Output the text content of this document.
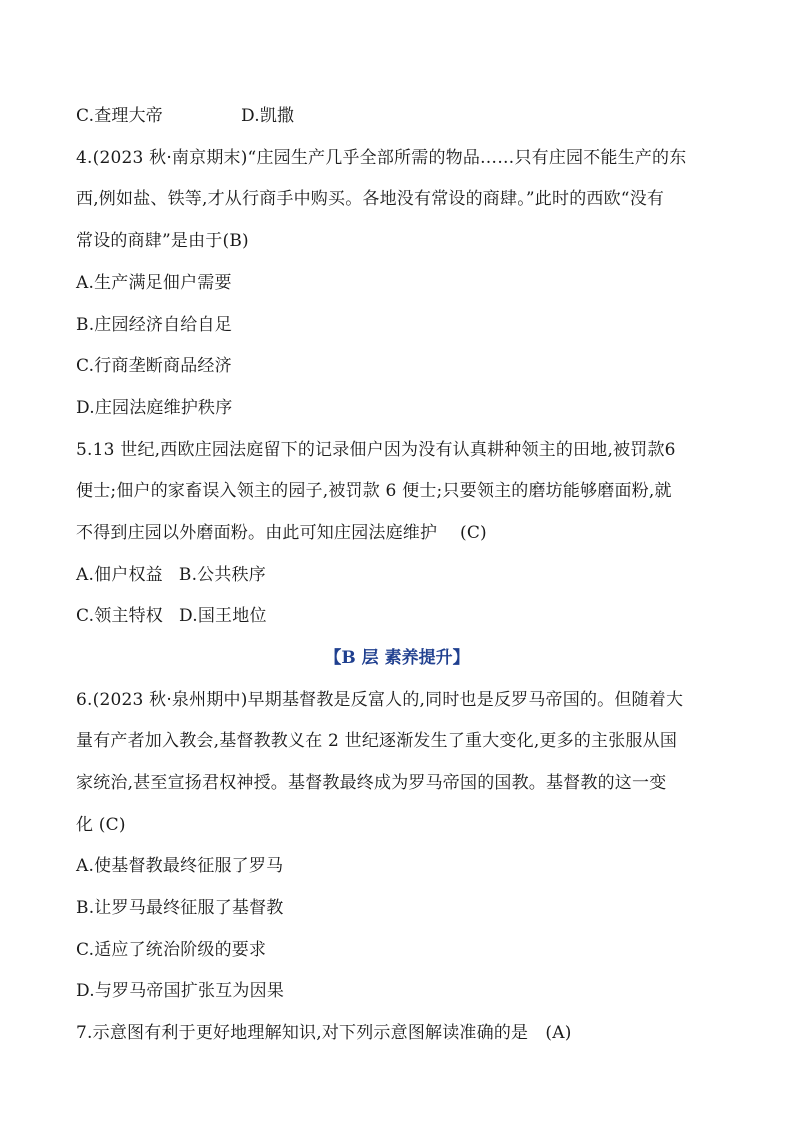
C.查理大帝	D.凯撒
4.(2023 秋·南京期末)“庄园生产几乎全部所需的物品……只有庄园不能生产的东
西,例如盐、铁等,才从行商手中购买。各地没有常设的商肆。”此时的西欧“没有
常设的商肆”是由于(B)
A.生产满足佃户需要
B.庄园经济自给自足
C.行商垄断商品经济
D.庄园法庭维护秩序
5.13 世纪,西欧庄园法庭留下的记录佃户因为没有认真耕种领主的田地,被罚款6
便士;佃户的家畜误入领主的园子,被罚款 6 便士;只要领主的磨坊能够磨面粉,就
不得到庄园以外磨面粉。由此可知庄园法庭维护　 (C)
A.佃户权益 B.公共秩序
C.领主特权 D.国王地位
【B 层 素养提升】
6.(2023 秋·泉州期中)早期基督教是反富人的,同时也是反罗马帝国的。但随着大
量有产者加入教会,基督教教义在 2 世纪逐渐发生了重大变化,更多的主张服从国
家统治,甚至宣扬君权神授。基督教最终成为罗马帝国的国教。基督教的这一变
化 (C)
A.使基督教最终征服了罗马
B.让罗马最终征服了基督教
C.适应了统治阶级的要求
D.与罗马帝国扩张互为因果
7.示意图有利于更好地理解知识,对下列示意图解读准确的是　(A)
